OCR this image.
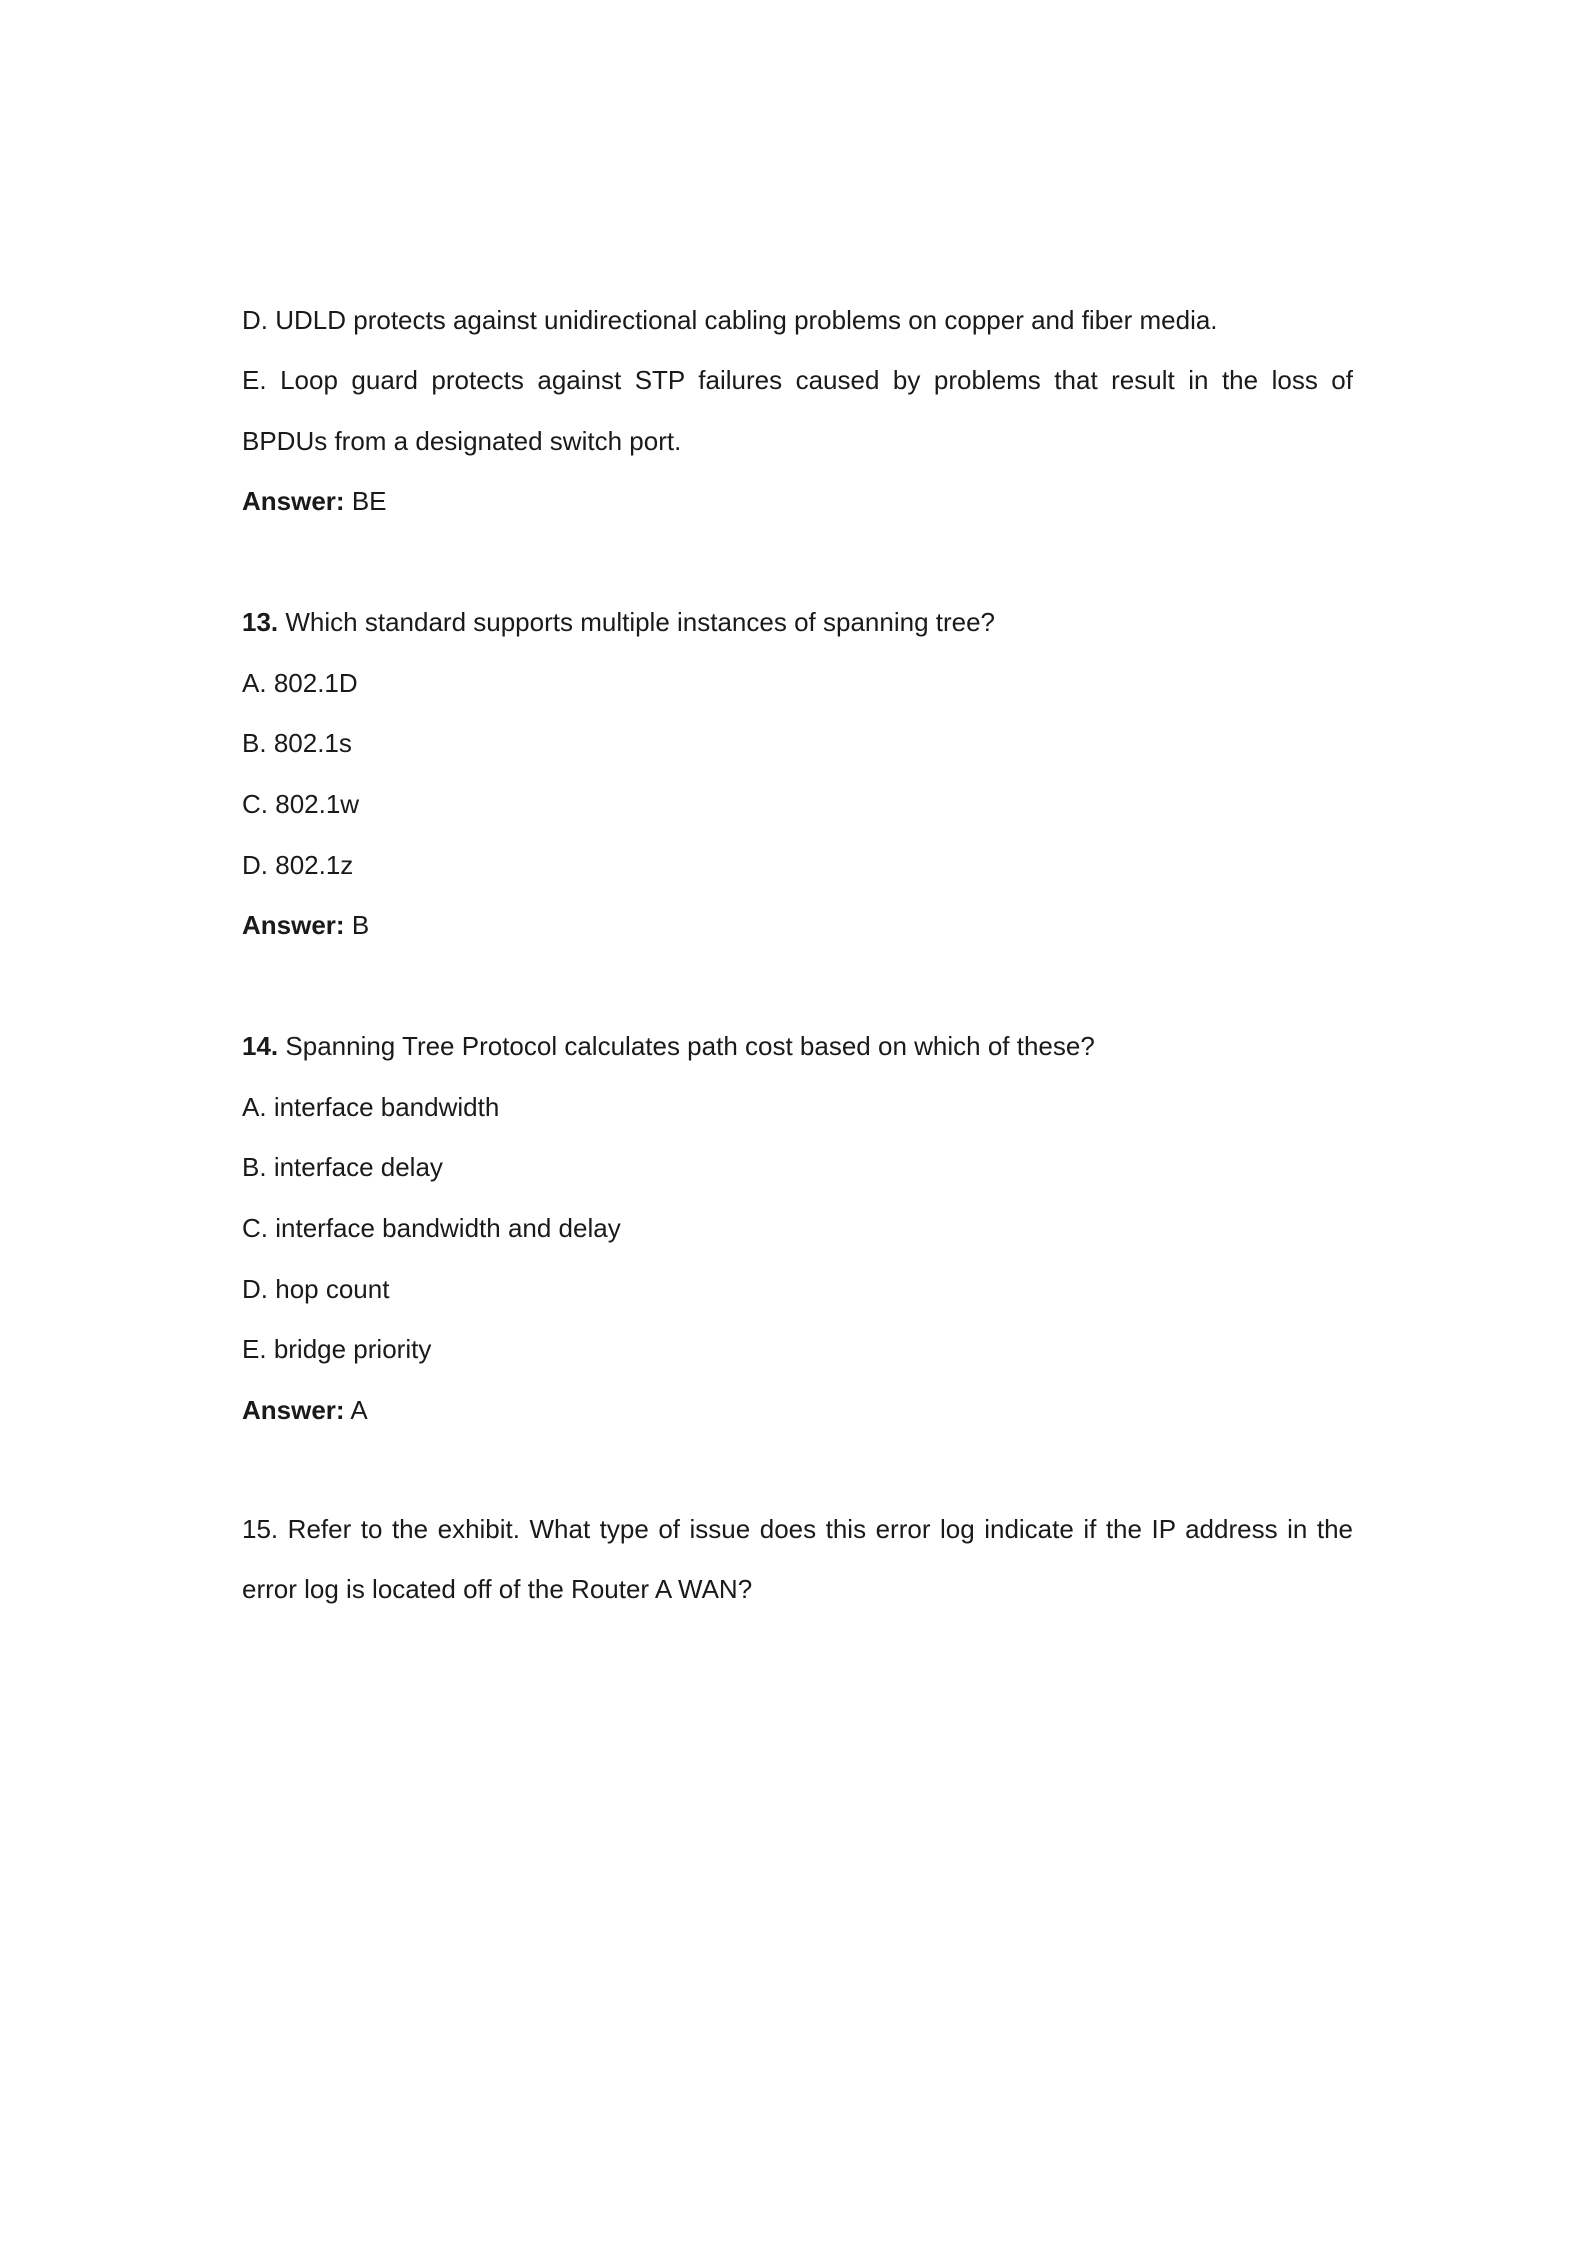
D. UDLD protects against unidirectional cabling problems on copper and fiber media.
E. Loop guard protects against STP failures caused by problems that result in the loss of
BPDUs from a designated switch port.
Answer: BE
13. Which standard supports multiple instances of spanning tree?
A. 802.1D
B. 802.1s
C. 802.1w
D. 802.1z
Answer: B
14. Spanning Tree Protocol calculates path cost based on which of these?
A. interface bandwidth
B. interface delay
C. interface bandwidth and delay
D. hop count
E. bridge priority
Answer: A
15. Refer to the exhibit. What type of issue does this error log indicate if the IP address in the
error log is located off of the Router A WAN?
